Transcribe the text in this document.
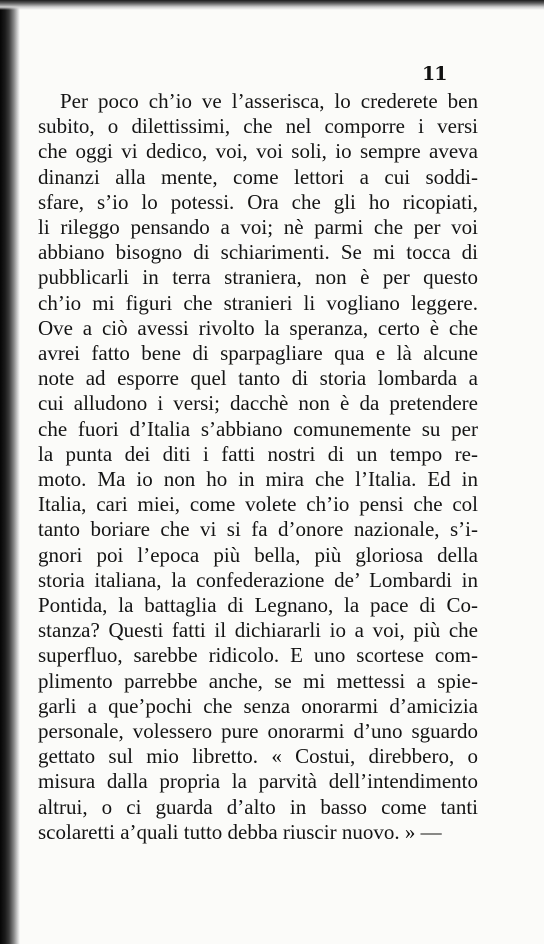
11
Per poco ch’io ve l’asserisca, lo crederete ben
subito, o dilettissimi, che nel comporre i versi
che oggi vi dedico, voi, voi soli, io sempre aveva
dinanzi alla mente, come lettori a cui soddi-
sfare, s’io lo potessi. Ora che gli ho ricopiati,
li rileggo pensando a voi; nè parmi che per voi
abbiano bisogno di schiarimenti. Se mi tocca di
pubblicarli in terra straniera, non è per questo
ch’io mi figuri che stranieri li vogliano leggere.
Ove a ciò avessi rivolto la speranza, certo è che
avrei fatto bene di sparpagliare qua e là alcune
note ad esporre quel tanto di storia lombarda a
cui alludono i versi; dacchè non è da pretendere
che fuori d’Italia s’abbiano comunemente su per
la punta dei diti i fatti nostri di un tempo re-
moto. Ma io non ho in mira che l’Italia. Ed in
Italia, cari miei, come volete ch’io pensi che col
tanto boriare che vi si fa d’onore nazionale, s’i-
gnori poi l’epoca più bella, più gloriosa della
storia italiana, la confederazione de’ Lombardi in
Pontida, la battaglia di Legnano, la pace di Co-
stanza? Questi fatti il dichiararli io a voi, più che
superfluo, sarebbe ridicolo. E uno scortese com-
plimento parrebbe anche, se mi mettessi a spie-
garli a que’pochi che senza onorarmi d’amicizia
personale, volessero pure onorarmi d’uno sguardo
gettato sul mio libretto. « Costui, direbbero, o
misura dalla propria la parvità dell’intendimento
altrui, o ci guarda d’alto in basso come tanti
scolaretti a’quali tutto debba riuscir nuovo. » —
